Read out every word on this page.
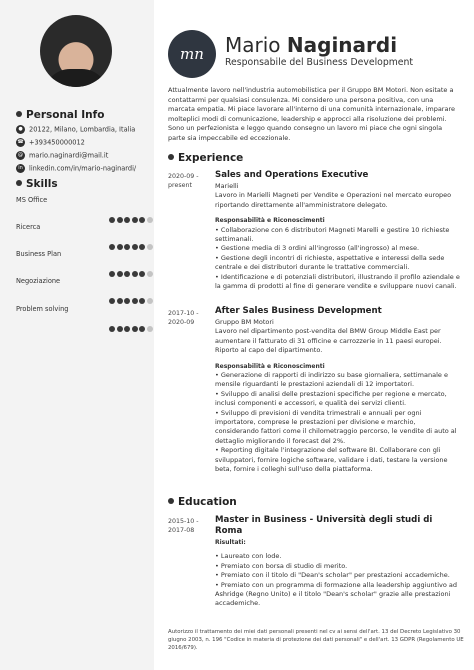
Personal Info
● 20122, Milano, Lombardia, Italia
☎ +393450000012
@ mario.naginardi@mail.it
in linkedin.com/in/mario-naginardi/
Skills
MS Office
Ricerca
Business Plan
Negoziazione
Problem solving
mn	Mario Naginardi
Responsabile del Business Development
Attualmente lavoro nell'industria automobilistica per il Gruppo BM Motori. Non esitate a contattarmi per qualsiasi consulenza. Mi considero una persona positiva, con una marcata empatia. Mi piace lavorare all'interno di una comunità internazionale, imparare molteplici modi di comunicazione, leadership e approcci alla risoluzione dei problemi. Sono un perfezionista e leggo quando consegno un lavoro mi piace che ogni singola parte sia impeccabile ed eccezionale.
Experience
2020-09 -
present
Sales and Operations Executive
Marielli
Lavoro in Marielli Magneti per Vendite e Operazioni nel mercato europeo riportando direttamente all'amministratore delegato.
Responsabilità e Riconoscimenti
• Collaborazione con 6 distributori Magneti Marelli e gestire 10 richieste settimanali.
• Gestione media di 3 ordini all'ingrosso (all'ingrosso) al mese.
• Gestione degli incontri di richieste, aspettative e interessi della sede centrale e dei distributori durante le trattative commerciali.
• Identificazione e di potenziali distributori, illustrando il profilo aziendale e la gamma di prodotti al fine di generare vendite e sviluppare nuovi canali.
2017-10 -
2020-09
After Sales Business Development
Gruppo BM Motori
Lavoro nel dipartimento post-vendita del BMW Group Middle East per aumentare il fatturato di 31 officine e carrozzerie in 11 paesi europei. Riporto al capo del dipartimento.
Responsabilità e Riconoscimenti
• Generazione di rapporti di indirizzo su base giornaliera, settimanale e mensile riguardanti le prestazioni aziendali di 12 importatori.
• Sviluppo di analisi delle prestazioni specifiche per regione e mercato, inclusi componenti e accessori, e qualità dei servizi clienti.
• Sviluppo di previsioni di vendita trimestrali e annuali per ogni importatore, comprese le prestazioni per divisione e marchio, considerando fattori come il chilometraggio percorso, le vendite di auto al dettaglio migliorando il forecast del 2%.
• Reporting digitale l'integrazione del software BI. Collaborare con gli sviluppatori, fornire logiche software, validare i dati, testare la versione beta, fornire i colleghi sull'uso della piattaforma.
Education
2015-10 -
2017-08
Master in Business - Università degli studi di Roma
Risultati:
• Laureato con lode.
• Premiato con borsa di studio di merito.
• Premiato con il titolo di "Dean's scholar" per prestazioni accademiche.
• Premiato con un programma di formazione alla leadership aggiuntivo ad Ashridge (Regno Unito) e il titolo "Dean's scholar" grazie alle prestazioni accademiche.
Autorizzo il trattamento dei miei dati personali presenti nel cv ai sensi dell'art. 13 del Decreto Legislativo 30 giugno 2003, n. 196 "Codice in materia di protezione dei dati personali" e dell'art. 13 GDPR (Regolamento UE 2016/679).
